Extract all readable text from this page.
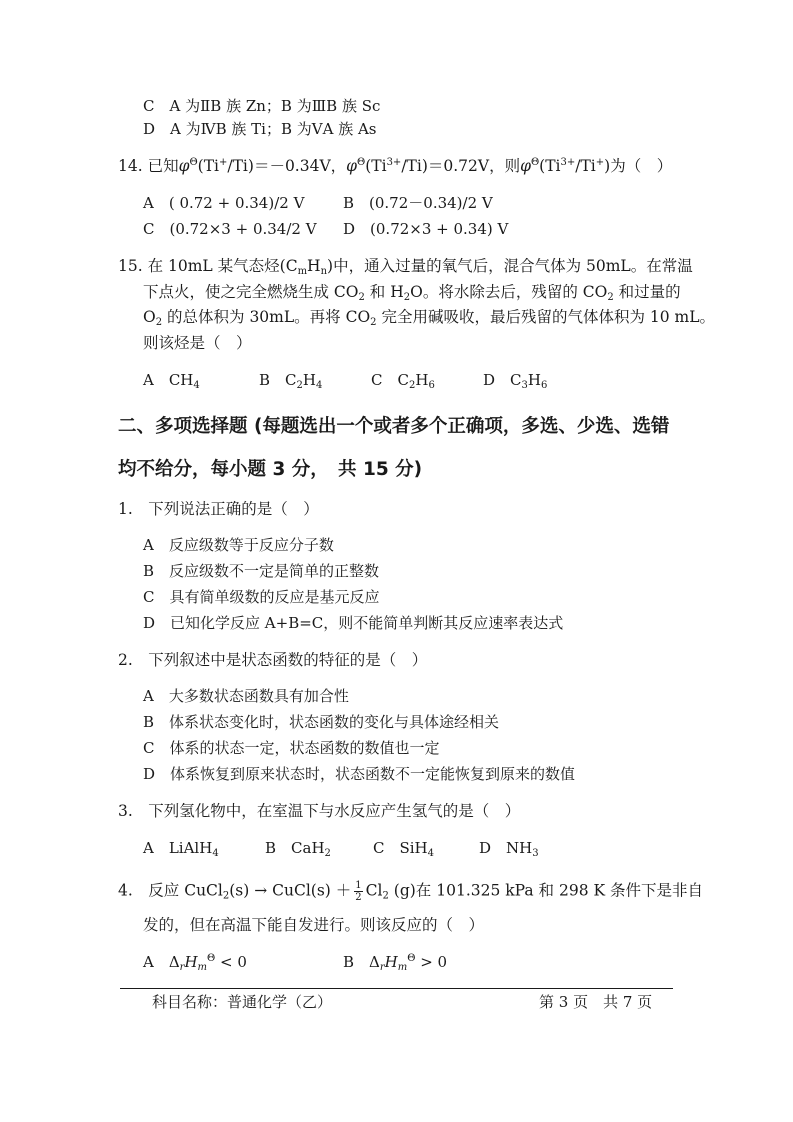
C　A 为ⅡB 族 Zn；B 为ⅢB 族 Sc
D　A 为ⅣB 族 Ti；B 为ⅤA 族 As
14. 已知$\varphi^\Theta(Ti^+/Ti)=-0.34V$，$\varphi^\Theta(Ti^{3+}/Ti)=0.72V$，则$\varphi^\Theta(Ti^{3+}/Ti^+)$为（　）
A　( 0.72 + 0.34)/2 V	B　(0.72－0.34)/2 V
C　(0.72×3 + 0.34/2 V D　(0.72×3 + 0.34) V
15. 在 10mL 某气态烃$(C_mH_n)$中，通入过量的氧气后，混合气体为 50mL。在常温
下点火，使之完全燃烧生成 $CO_2$ 和 $H_2O$。将水除去后，残留的 $CO_2$ 和过量的
$O_2$ 的总体积为 30mL。再将 $CO_2$ 完全用碱吸收，最后残留的气体体积为 10 mL。
则该烃是（　）
A　$CH_4$	B　$C_2H_4$	C　$C_2H_6$	D　$C_3H_6$
二、多项选择题 (每题选出一个或者多个正确项，多选、少选、选错
均不给分，每小题 3 分，　共 15 分)
1.　下列说法正确的是（　）
A　反应级数等于反应分子数
B　反应级数不一定是简单的正整数
C　具有简单级数的反应是基元反应
D　已知化学反应 A+B=C，则不能简单判断其反应速率表达式
2.　下列叙述中是状态函数的特征的是（　）
A　大多数状态函数具有加合性
B　体系状态变化时，状态函数的变化与具体途经相关
C　体系的状态一定，状态函数的数值也一定
D　体系恢复到原来状态时，状态函数不一定能恢复到原来的数值
3.　下列氢化物中，在室温下与水反应产生氢气的是（　）
A　LiAlH$_4$	B　CaH$_2$	C　SiH$_4$	D　$NH_3$
4.　反应 CuCl$_2$(s) → CuCl(s) ＋ $\frac{1}{2} Cl_2$ (g)在 101.325 kPa 和 298 K 条件下是非自
发的，但在高温下能自发进行。则该反应的（　）
A　$\Delta_rH_m^\Theta < 0$	B　$\Delta_rH_m^\Theta > 0$
科目名称：普通化学（乙）	第 3 页　共 7 页
